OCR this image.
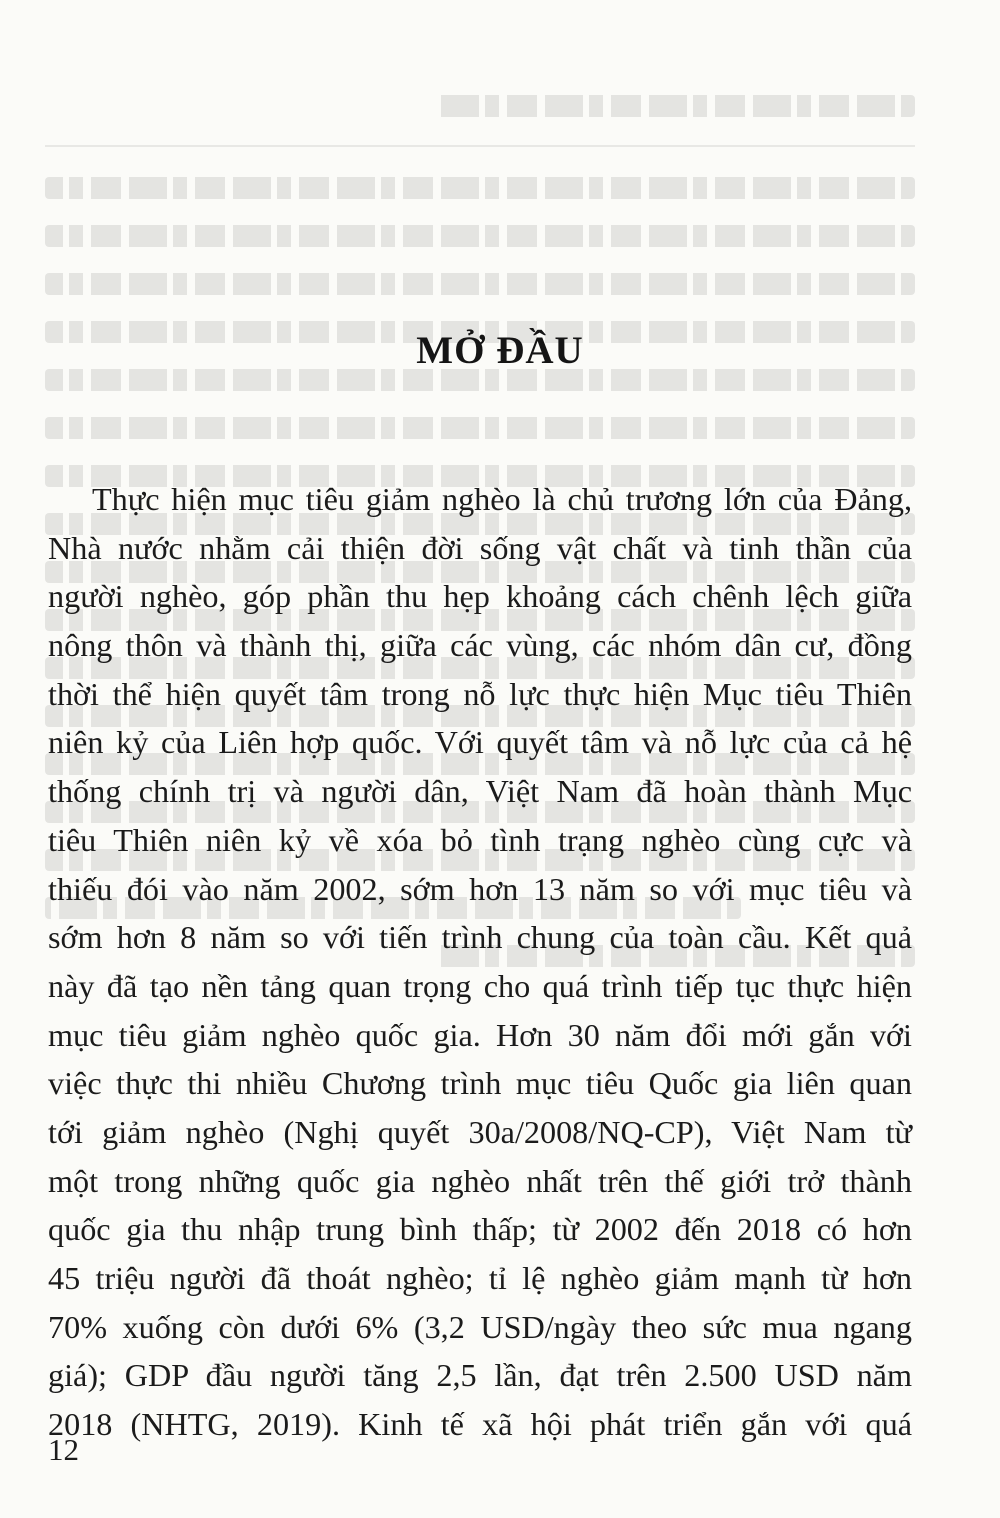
MỞ ĐẦU
Thực hiện mục tiêu giảm nghèo là chủ trương lớn của Đảng,
Nhà nước nhằm cải thiện đời sống vật chất và tinh thần của
người nghèo, góp phần thu hẹp khoảng cách chênh lệch giữa
nông thôn và thành thị, giữa các vùng, các nhóm dân cư, đồng
thời thể hiện quyết tâm trong nỗ lực thực hiện Mục tiêu Thiên
niên kỷ của Liên hợp quốc. Với quyết tâm và nỗ lực của cả hệ
thống chính trị và người dân, Việt Nam đã hoàn thành Mục
tiêu Thiên niên kỷ về xóa bỏ tình trạng nghèo cùng cực và
thiếu đói vào năm 2002, sớm hơn 13 năm so với mục tiêu và
sớm hơn 8 năm so với tiến trình chung của toàn cầu. Kết quả
này đã tạo nền tảng quan trọng cho quá trình tiếp tục thực hiện
mục tiêu giảm nghèo quốc gia. Hơn 30 năm đổi mới gắn với
việc thực thi nhiều Chương trình mục tiêu Quốc gia liên quan
tới giảm nghèo (Nghị quyết 30a/2008/NQ-CP), Việt Nam từ
một trong những quốc gia nghèo nhất trên thế giới trở thành
quốc gia thu nhập trung bình thấp; từ 2002 đến 2018 có hơn
45 triệu người đã thoát nghèo; tỉ lệ nghèo giảm mạnh từ hơn
70% xuống còn dưới 6% (3,2 USD/ngày theo sức mua ngang
giá); GDP đầu người tăng 2,5 lần, đạt trên 2.500 USD năm
2018 (NHTG, 2019). Kinh tế xã hội phát triển gắn với quá
12
